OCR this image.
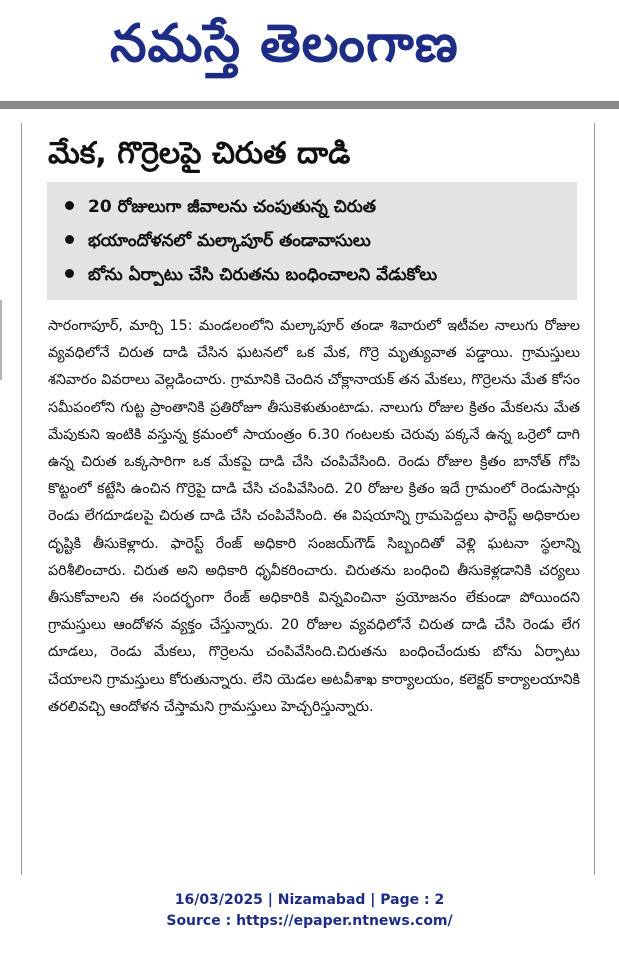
నమస్తే తెలంగాణ
మేక, గొర్రెలపై చిరుత దాడి
20 రోజులుగా జీవాలను చంపుతున్న చిరుత
భయాందోళనలో మల్కాపూర్ తండావాసులు
బోను ఏర్పాటు చేసి చిరుతను బంధించాలని వేడుకోలు
సారంగాపూర్, మార్చి 15: మండలంలోని మల్కాపూర్ తండా శివారులో ఇటీవల నాలుగు రోజుల వ్యవధిలోనే చిరుత దాడి చేసిన ఘటనలో ఒక మేక, గొర్రె మృత్యువాత పడ్డాయి. గ్రామస్తులు శనివారం వివరాలు వెల్లడించారు. గ్రామానికి చెందిన చోక్లానాయక్ తన మేకలు, గొర్రెలను మేత కోసం సమీపంలోని గుట్ట ప్రాంతానికి ప్రతిరోజూ తీసుకెళుతుంటాడు. నాలుగు రోజుల క్రితం మేకలను మేత మేపుకుని ఇంటికి వస్తున్న క్రమంలో సాయంత్రం 6.30 గంటలకు చెరువు పక్కనే ఉన్న ఒర్రెలో దాగి ఉన్న చిరుత ఒక్కసారిగా ఒక మేకపై దాడి చేసి చంపివేసింది. రెండు రోజుల క్రితం బానోత్ గోపి కొట్టంలో కట్టేసి ఉంచిన గొర్రెపై దాడి చేసి చంపివేసింది. 20 రోజుల క్రితం ఇదే గ్రామంలో రెండుసార్లు రెండు లేగదూడలపై చిరుత దాడి చేసి చంపివేసింది. ఈ విషయాన్ని గ్రామపెద్దలు ఫారెస్ట్ అధికారుల దృష్టికి తీసుకెళ్లారు. ఫారెస్ట్ రేంజ్ అధికారి సంజయ్‌గౌడ్ సిబ్బందితో వెళ్లి ఘటనా స్థలాన్ని పరిశీలించారు. చిరుత అని అధికారి ధృవీకరించారు. చిరుతను బంధించి తీసుకెళ్లడానికి చర్యలు తీసుకోవాలని ఈ సందర్భంగా రేంజ్ అధికారికి విన్నవించినా ప్రయోజనం లేకుండా పోయిందని గ్రామస్తులు ఆందోళన వ్యక్తం చేస్తున్నారు. 20 రోజుల వ్యవధిలోనే చిరుత దాడి చేసి రెండు లేగ దూడలు, రెండు మేకలు, గొర్రెలను చంపివేసింది.చిరుతను బంధించేందుకు బోను ఏర్పాటు చేయాలని గ్రామస్తులు కోరుతున్నారు. లేని యెడల అటవీశాఖ కార్యాలయం, కలెక్టర్ కార్యాలయానికి తరలివచ్చి ఆందోళన చేస్తామని గ్రామస్తులు హెచ్చరిస్తున్నారు.
16/03/2025 | Nizamabad | Page : 2
Source : https://epaper.ntnews.com/
